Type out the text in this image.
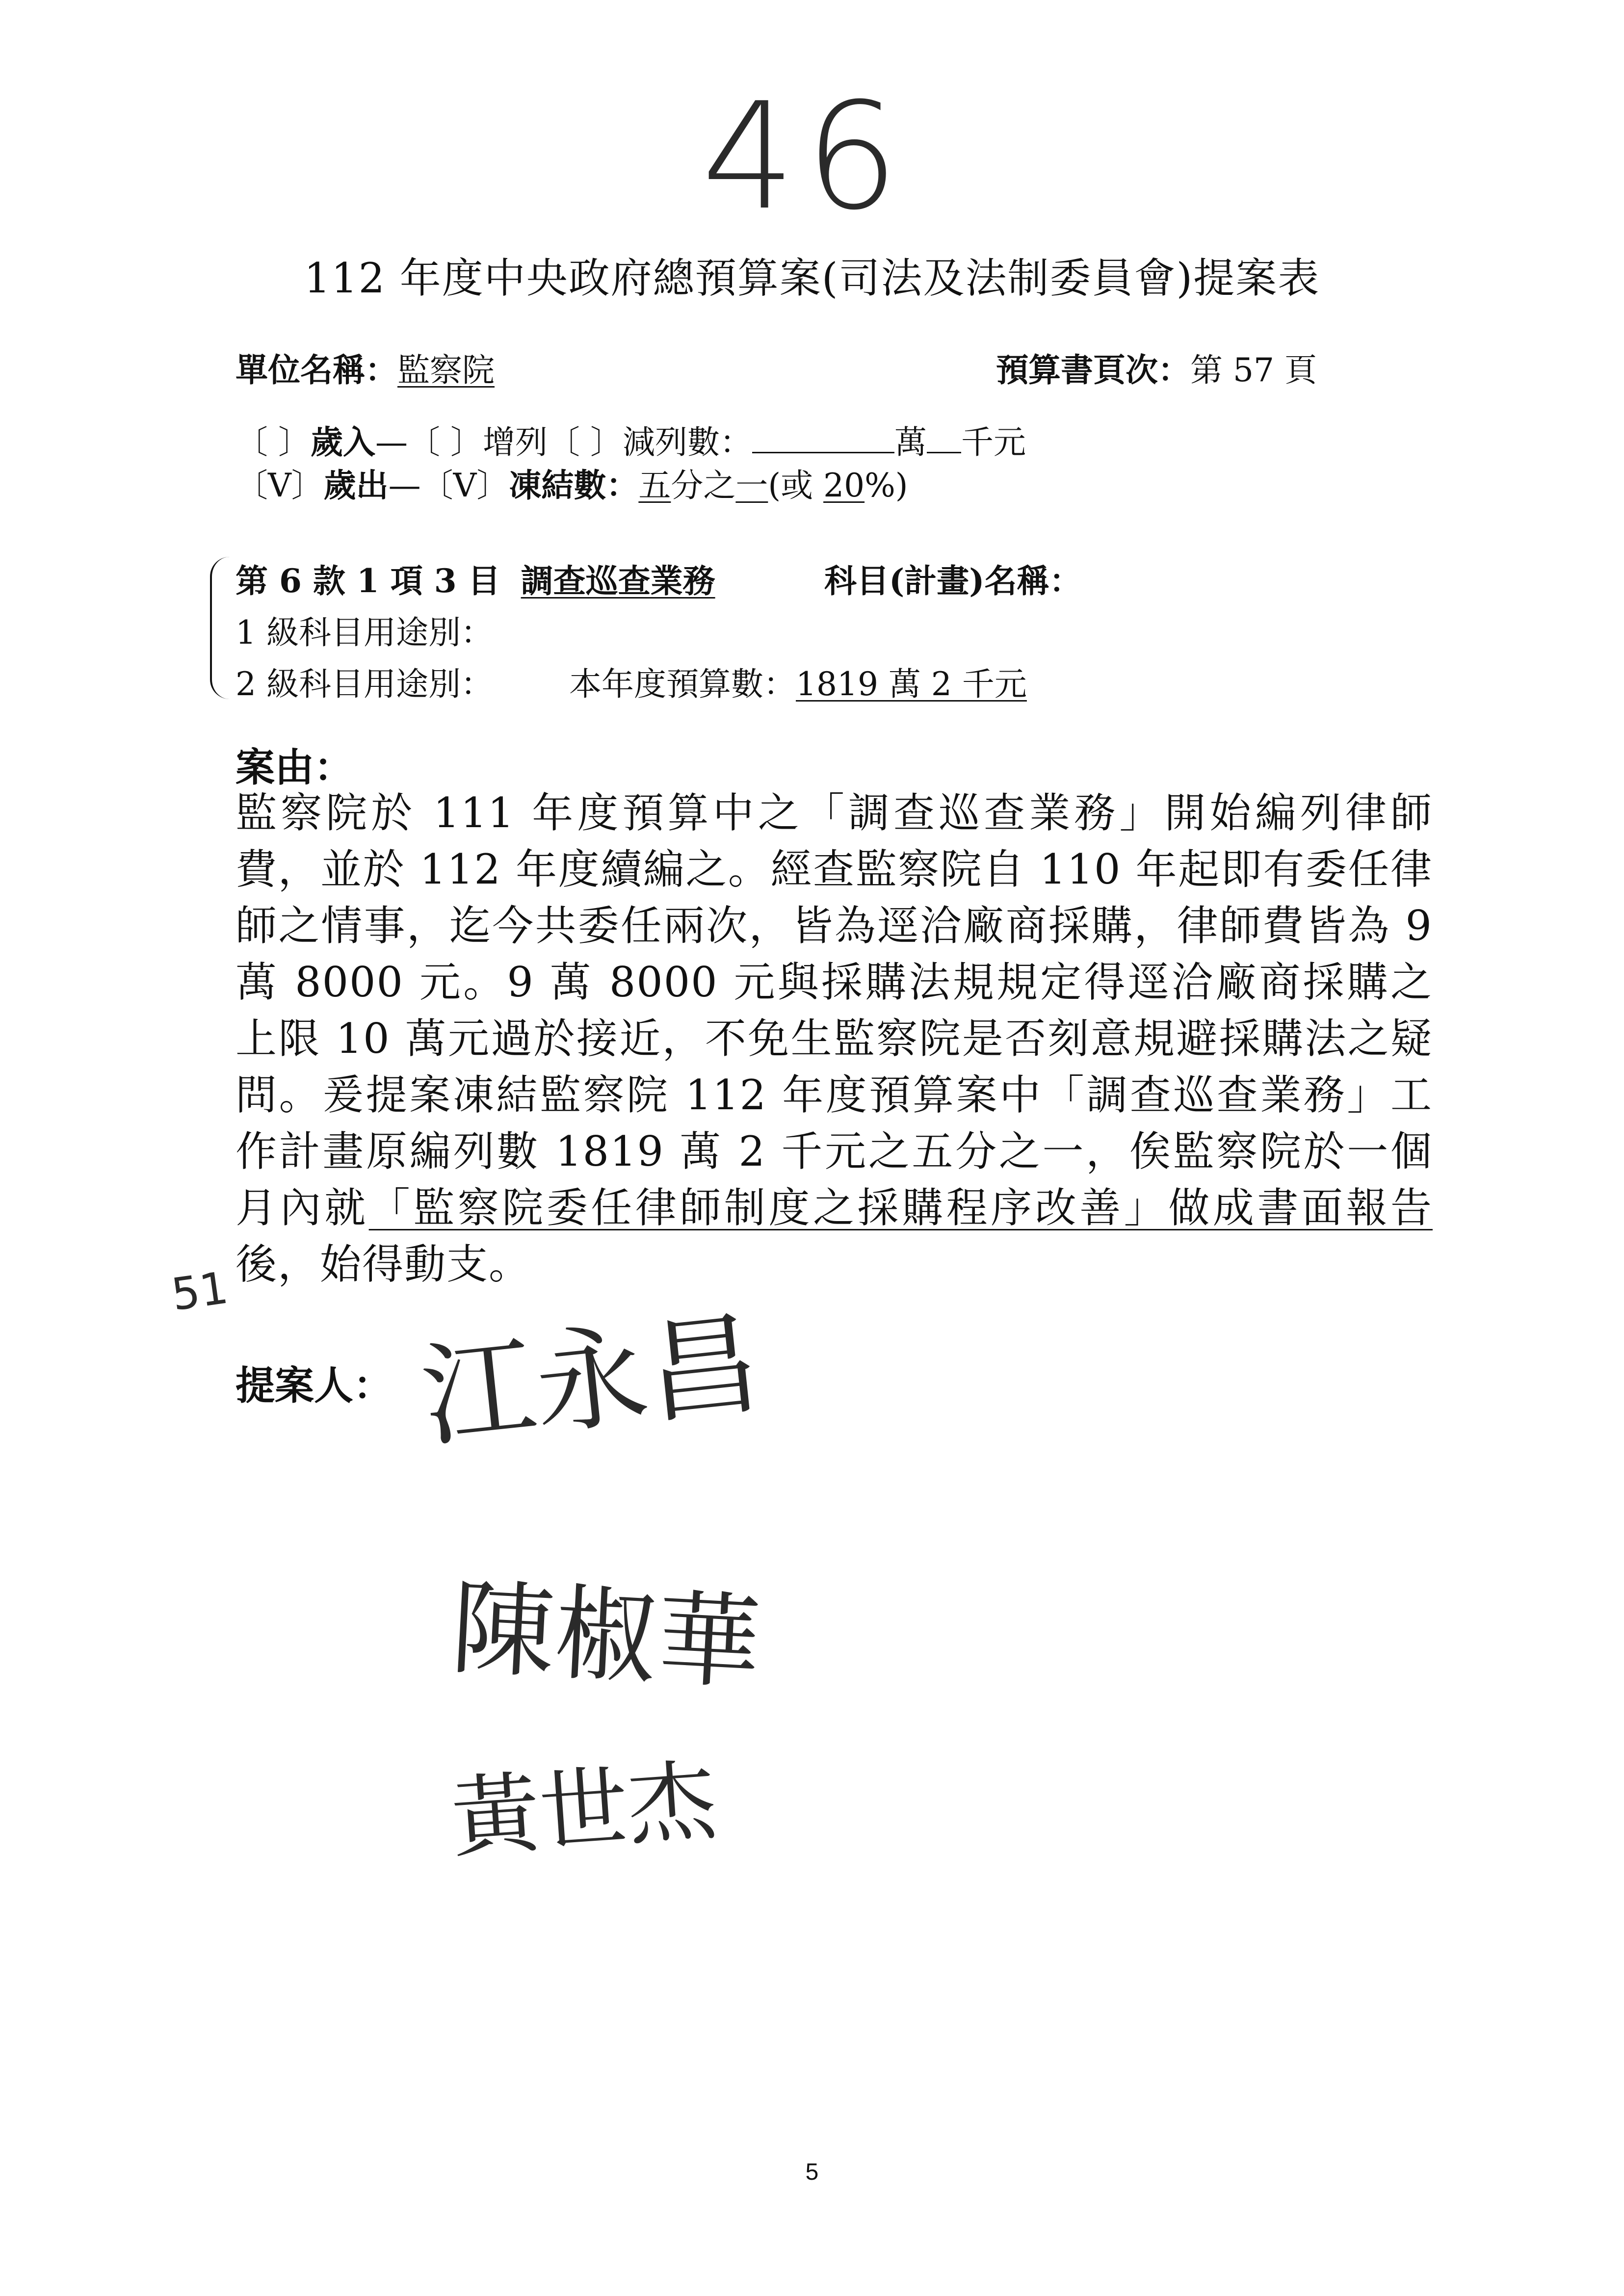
46
112 年度中央政府總預算案(司法及法制委員會)提案表
單位名稱：監察院	預算書頁次：第 57 頁
〔 〕歲入—〔 〕增列〔 〕減列數：	萬 千元
〔V〕歲出—〔V〕凍結數：五分之一(或 20%)
第 6 款 1 項 3 目 調查巡查業務	科目(計畫)名稱：
1 級科目用途別：
2 級科目用途別： 本年度預算數：1819 萬 2 千元
案由：
監察院於 111 年度預算中之「調查巡查業務」開始編列律師費，並於 112 年度續編之。經查監察院自 110 年起即有委任律師之情事，迄今共委任兩次，皆為逕洽廠商採購，律師費皆為 9 萬 8000 元。9 萬 8000 元與採購法規規定得逕洽廠商採購之上限 10 萬元過於接近，不免生監察院是否刻意規避採購法之疑問。爰提案凍結監察院 112 年度預算案中「調查巡查業務」工作計畫原編列數 1819 萬 2 千元之五分之一，俟監察院於一個月內就「監察院委任律師制度之採購程序改善」做成書面報告後，始得動支。
51
提案人： 江永昌
陳椒華
黃世杰
5
